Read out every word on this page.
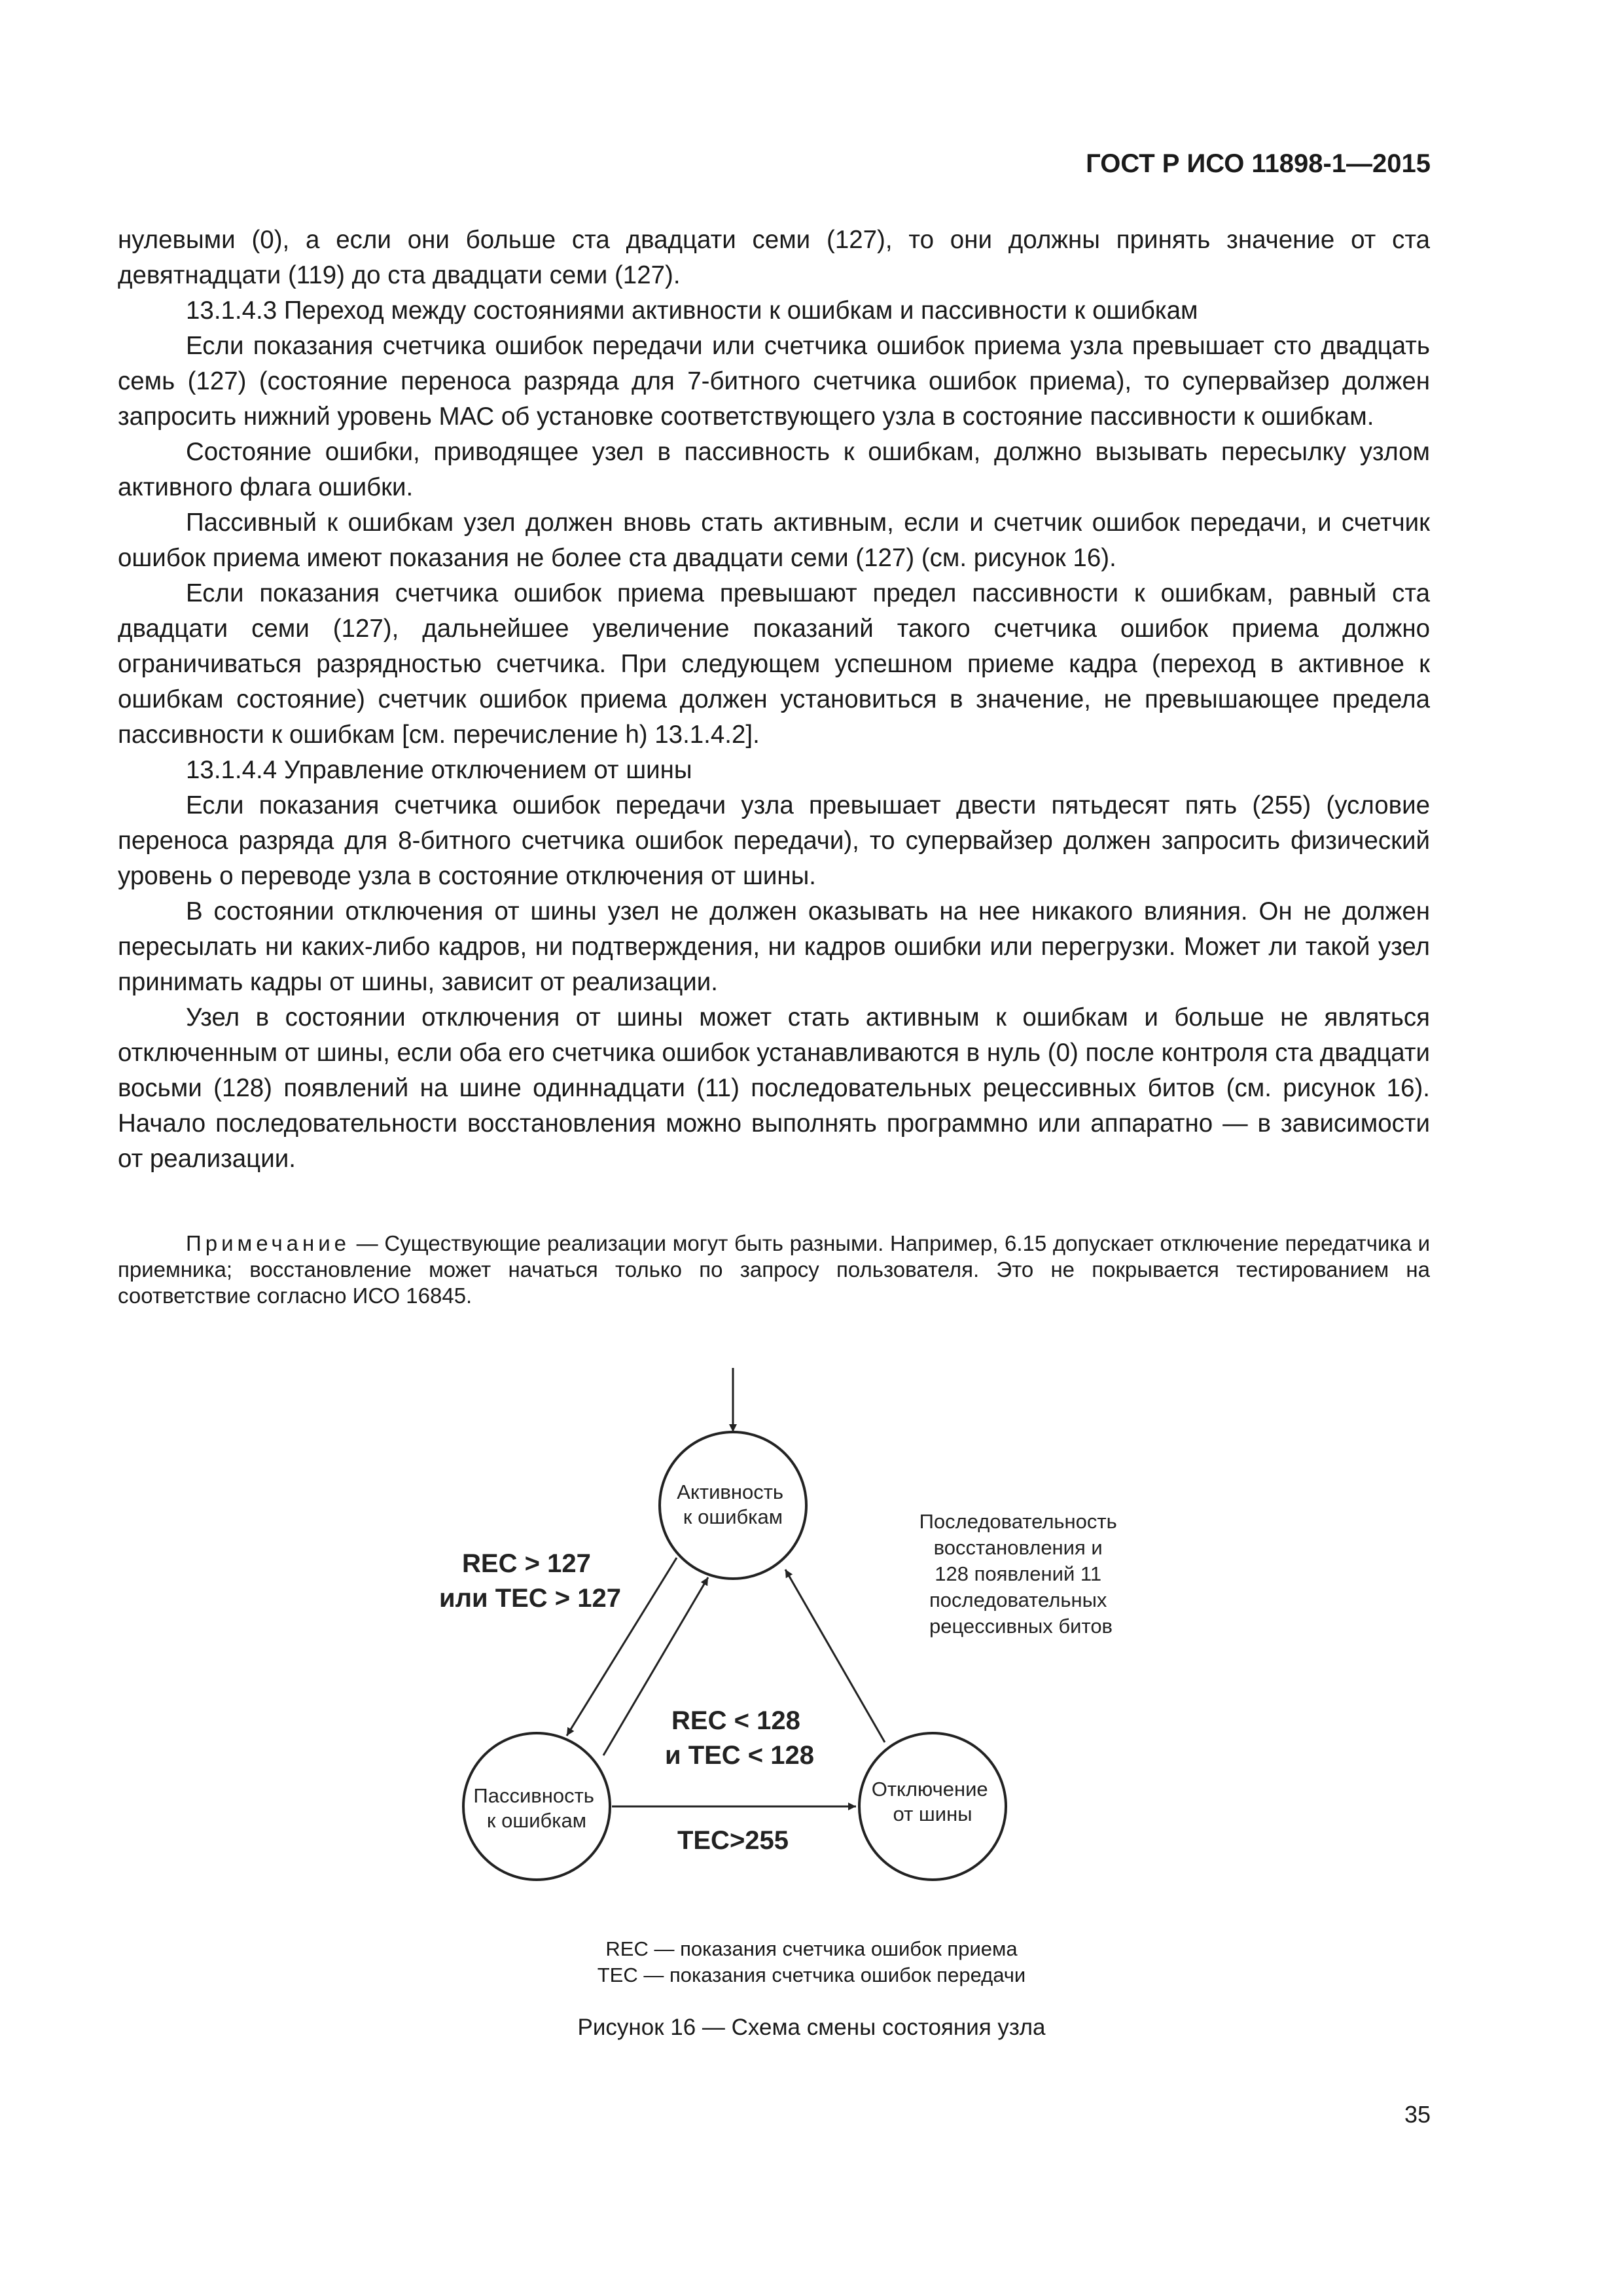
ГОСТ Р ИСО 11898-1—2015

нулевыми (0), а если они больше ста двадцати семи (127), то они должны принять значение от ста девятнадцати (119) до ста двадцати семи (127).

13.1.4.3 Переход между состояниями активности к ошибкам и пассивности к ошибкам

Если показания счетчика ошибок передачи или счетчика ошибок приема узла превышает сто двадцать семь (127) (состояние переноса разряда для 7-битного счетчика ошибок приема), то супервайзер должен запросить нижний уровень МАС об установке соответствующего узла в состояние пассивности к ошибкам.

Состояние ошибки, приводящее узел в пассивность к ошибкам, должно вызывать пересылку узлом активного флага ошибки.

Пассивный к ошибкам узел должен вновь стать активным, если и счетчик ошибок передачи, и счетчик ошибок приема имеют показания не более ста двадцати семи (127) (см. рисунок 16).

Если показания счетчика ошибок приема превышают предел пассивности к ошибкам, равный ста двадцати семи (127), дальнейшее увеличение показаний такого счетчика ошибок приема должно ограничиваться разрядностью счетчика. При следующем успешном приеме кадра (переход в активное к ошибкам состояние) счетчик ошибок приема должен установиться в значение, не превышающее предела пассивности к ошибкам [см. перечисление h) 13.1.4.2].

13.1.4.4 Управление отключением от шины

Если показания счетчика ошибок передачи узла превышает двести пятьдесят пять (255) (условие переноса разряда для 8-битного счетчика ошибок передачи), то супервайзер должен запросить физический уровень о переводе узла в состояние отключения от шины.

В состоянии отключения от шины узел не должен оказывать на нее никакого влияния. Он не должен пересылать ни каких-либо кадров, ни подтверждения, ни кадров ошибки или перегрузки. Может ли такой узел принимать кадры от шины, зависит от реализации.

Узел в состоянии отключения от шины может стать активным к ошибкам и больше не являться отключенным от шины, если оба его счетчика ошибок устанавливаются в нуль (0) после контроля ста двадцати восьми (128) появлений на шине одиннадцати (11) последовательных рецессивных битов (см. рисунок 16). Начало последовательности восстановления можно выполнять программно или аппаратно — в зависимости от реализации.

Примечание — Существующие реализации могут быть разными. Например, 6.15 допускает отключение передатчика и приемника; восстановление может начаться только по запросу пользователя. Это не покрывается тестированием на соответствие согласно ИСО 16845.
Активность к ошибкам
Пассивность к ошибкам
Отключение от шины
REC > 127 или TEC > 127
REC < 128 и TEC < 128
TEC>255
Последовательность восстановления и 128 появлений 11 последовательных рецессивных битов
REC — показания счетчика ошибок приема
TEC — показания счетчика ошибок передачи
Рисунок 16 — Схема смены состояния узла
35
